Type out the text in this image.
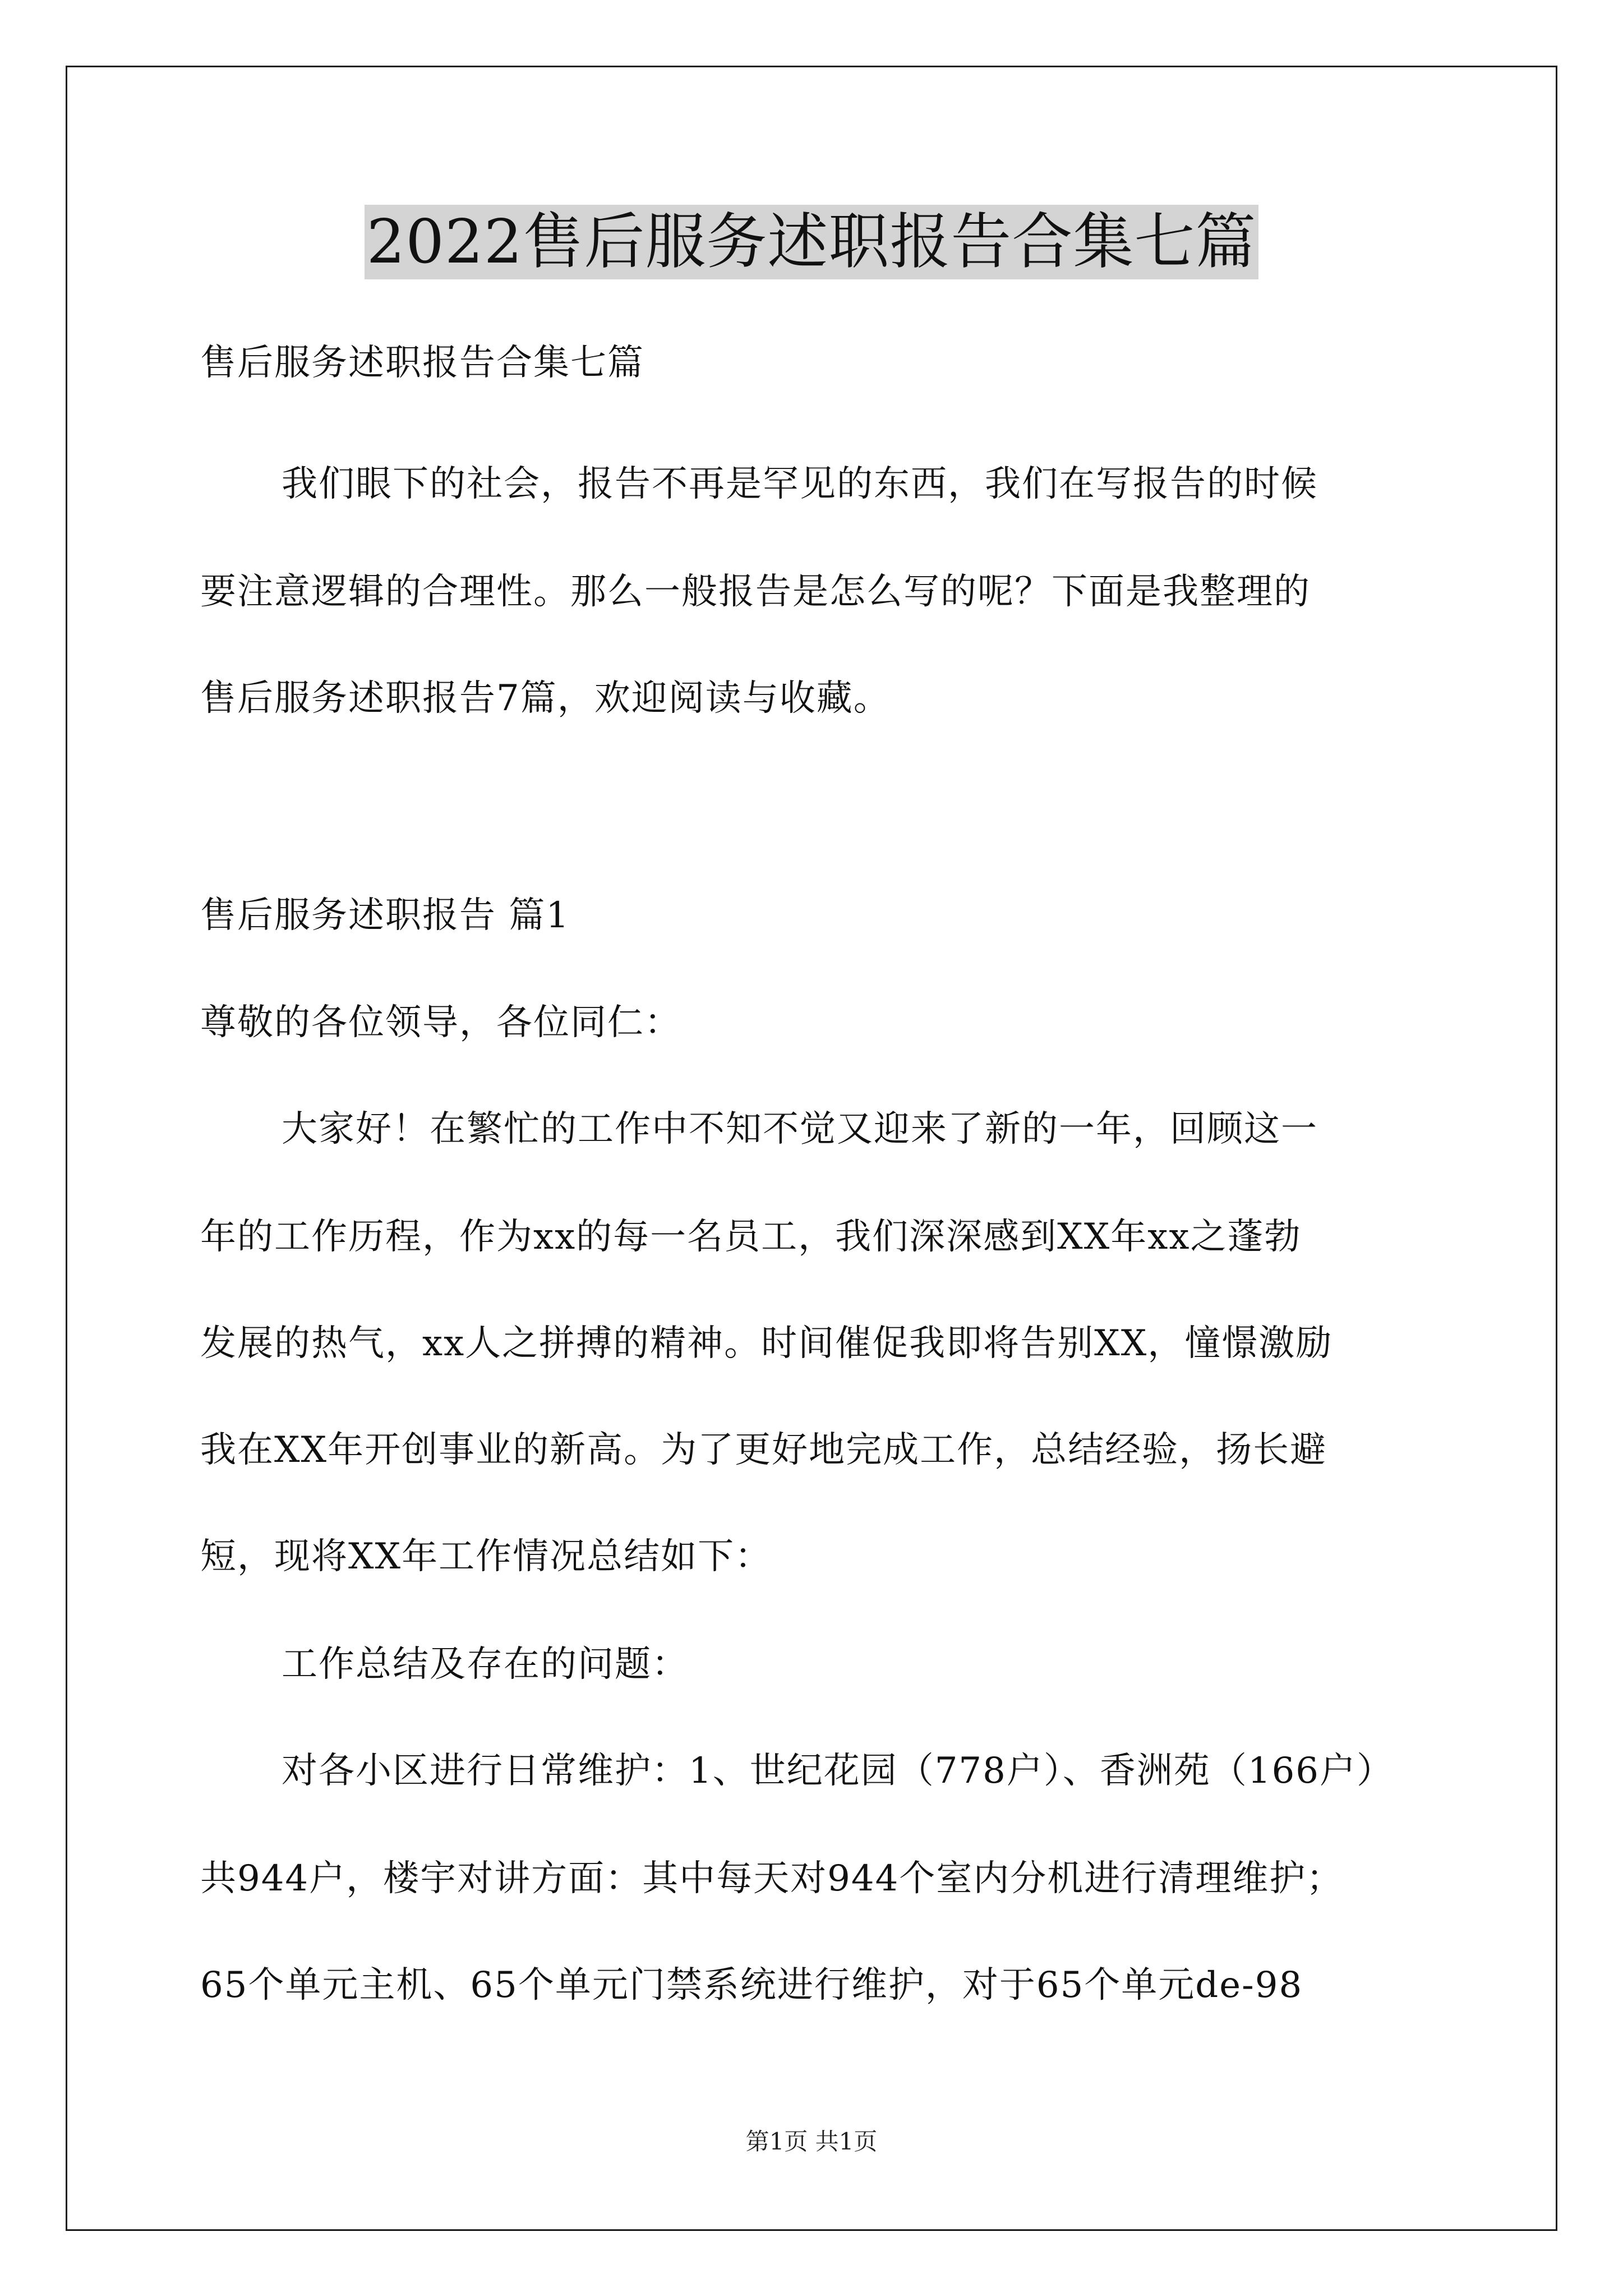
2022售后服务述职报告合集七篇
售后服务述职报告合集七篇
我们眼下的社会，报告不再是罕见的东西，我们在写报告的时候
要注意逻辑的合理性。那么一般报告是怎么写的呢？下面是我整理的
售后服务述职报告7篇，欢迎阅读与收藏。
售后服务述职报告 篇1
尊敬的各位领导，各位同仁：
大家好！在繁忙的工作中不知不觉又迎来了新的一年，回顾这一
年的工作历程，作为xx的每一名员工，我们深深感到XX年xx之蓬勃
发展的热气，xx人之拼搏的精神。时间催促我即将告别XX，憧憬激励
我在XX年开创事业的新高。为了更好地完成工作，总结经验，扬长避
短，现将XX年工作情况总结如下：
工作总结及存在的问题：
对各小区进行日常维护：1、世纪花园（778户）、香洲苑（166户）
共944户，楼宇对讲方面：其中每天对944个室内分机进行清理维护；
65个单元主机、65个单元门禁系统进行维护，对于65个单元de-98
第1页 共1页
